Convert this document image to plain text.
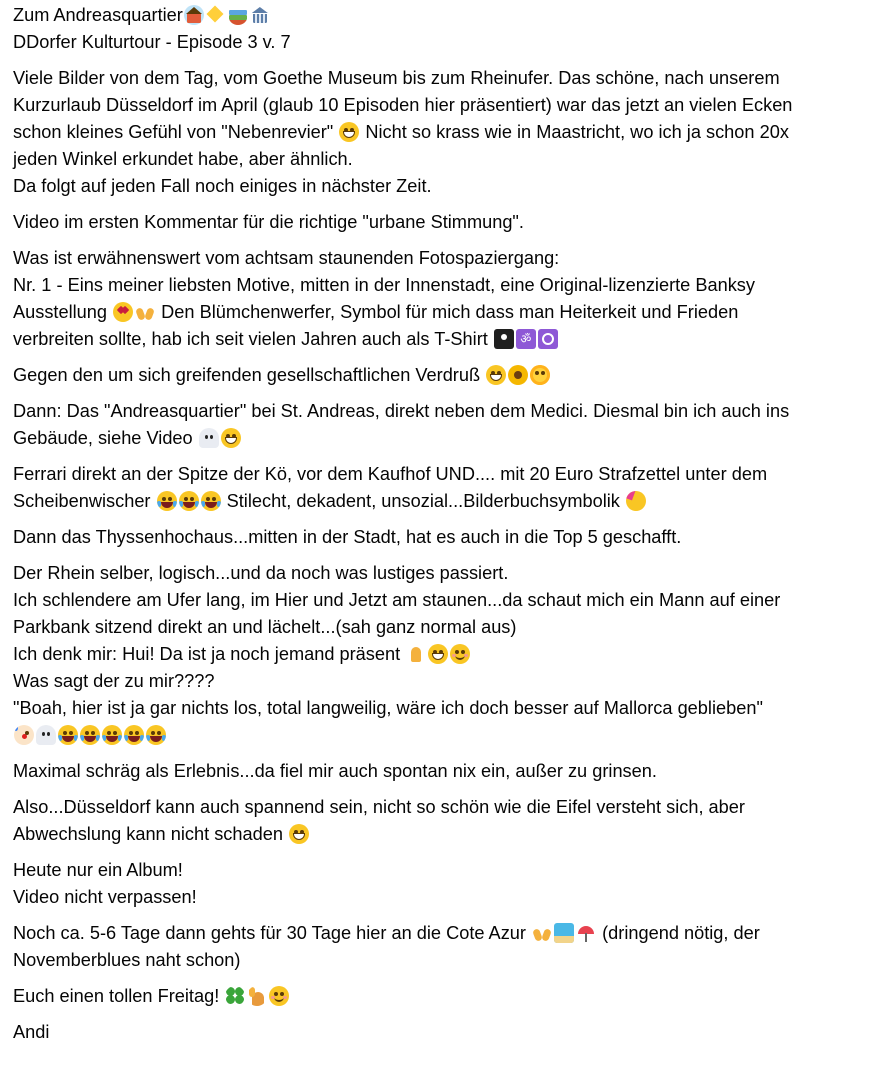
Zum Andreasquartier
DDorfer Kulturtour - Episode 3 v. 7
Viele Bilder von dem Tag, vom Goethe Museum bis zum Rheinufer. Das schöne, nach unserem
Kurzurlaub Düsseldorf im April (glaub 10 Episoden hier präsentiert) war das jetzt an vielen Ecken
schon kleines Gefühl von "Nebenrevier"
Nicht so krass wie in Maastricht, wo ich ja schon 20x
jeden Winkel erkundet habe, aber ähnlich.
Da folgt auf jeden Fall noch einiges in nächster Zeit.
Video im ersten Kommentar für die richtige "urbane Stimmung".
Was ist erwähnenswert vom achtsam staunenden Fotospaziergang:
Nr. 1 - Eins meiner liebsten Motive, mitten in der Innenstadt, eine Original-lizenzierte Banksy
Ausstellung	Den Blümchenwerfer, Symbol für mich dass man Heiterkeit und Frieden
verbreiten sollte, hab ich seit vielen Jahren auch als T-Shirt	ॐ
Gegen den um sich greifenden gesellschaftlichen Verdruß
Dann: Das "Andreasquartier" bei St. Andreas, direkt neben dem Medici. Diesmal bin ich auch ins
Gebäude, siehe Video
Ferrari direkt an der Spitze der Kö, vor dem Kaufhof UND.... mit 20 Euro Strafzettel unter dem
Scheibenwischer	Stilecht, dekadent, unsozial...Bilderbuchsymbolik
Dann das Thyssenhochaus...mitten in der Stadt, hat es auch in die Top 5 geschafft.
Der Rhein selber, logisch...und da noch was lustiges passiert.
Ich schlendere am Ufer lang, im Hier und Jetzt am staunen...da schaut mich ein Mann auf einer
Parkbank sitzend direkt an und lächelt...(sah ganz normal aus)
Ich denk mir: Hui! Da ist ja noch jemand präsent
Was sagt der zu mir????
"Boah, hier ist ja gar nichts los, total langweilig, wäre ich doch besser auf Mallorca geblieben"
Maximal schräg als Erlebnis...da fiel mir auch spontan nix ein, außer zu grinsen.
Also...Düsseldorf kann auch spannend sein, nicht so schön wie die Eifel versteht sich, aber
Abwechslung kann nicht schaden
Heute nur ein Album!
Video nicht verpassen!
Noch ca. 5-6 Tage dann gehts für 30 Tage hier an die Cote Azur	(dringend nötig, der
Novemberblues naht schon)
Euch einen tollen Freitag!
Andi
